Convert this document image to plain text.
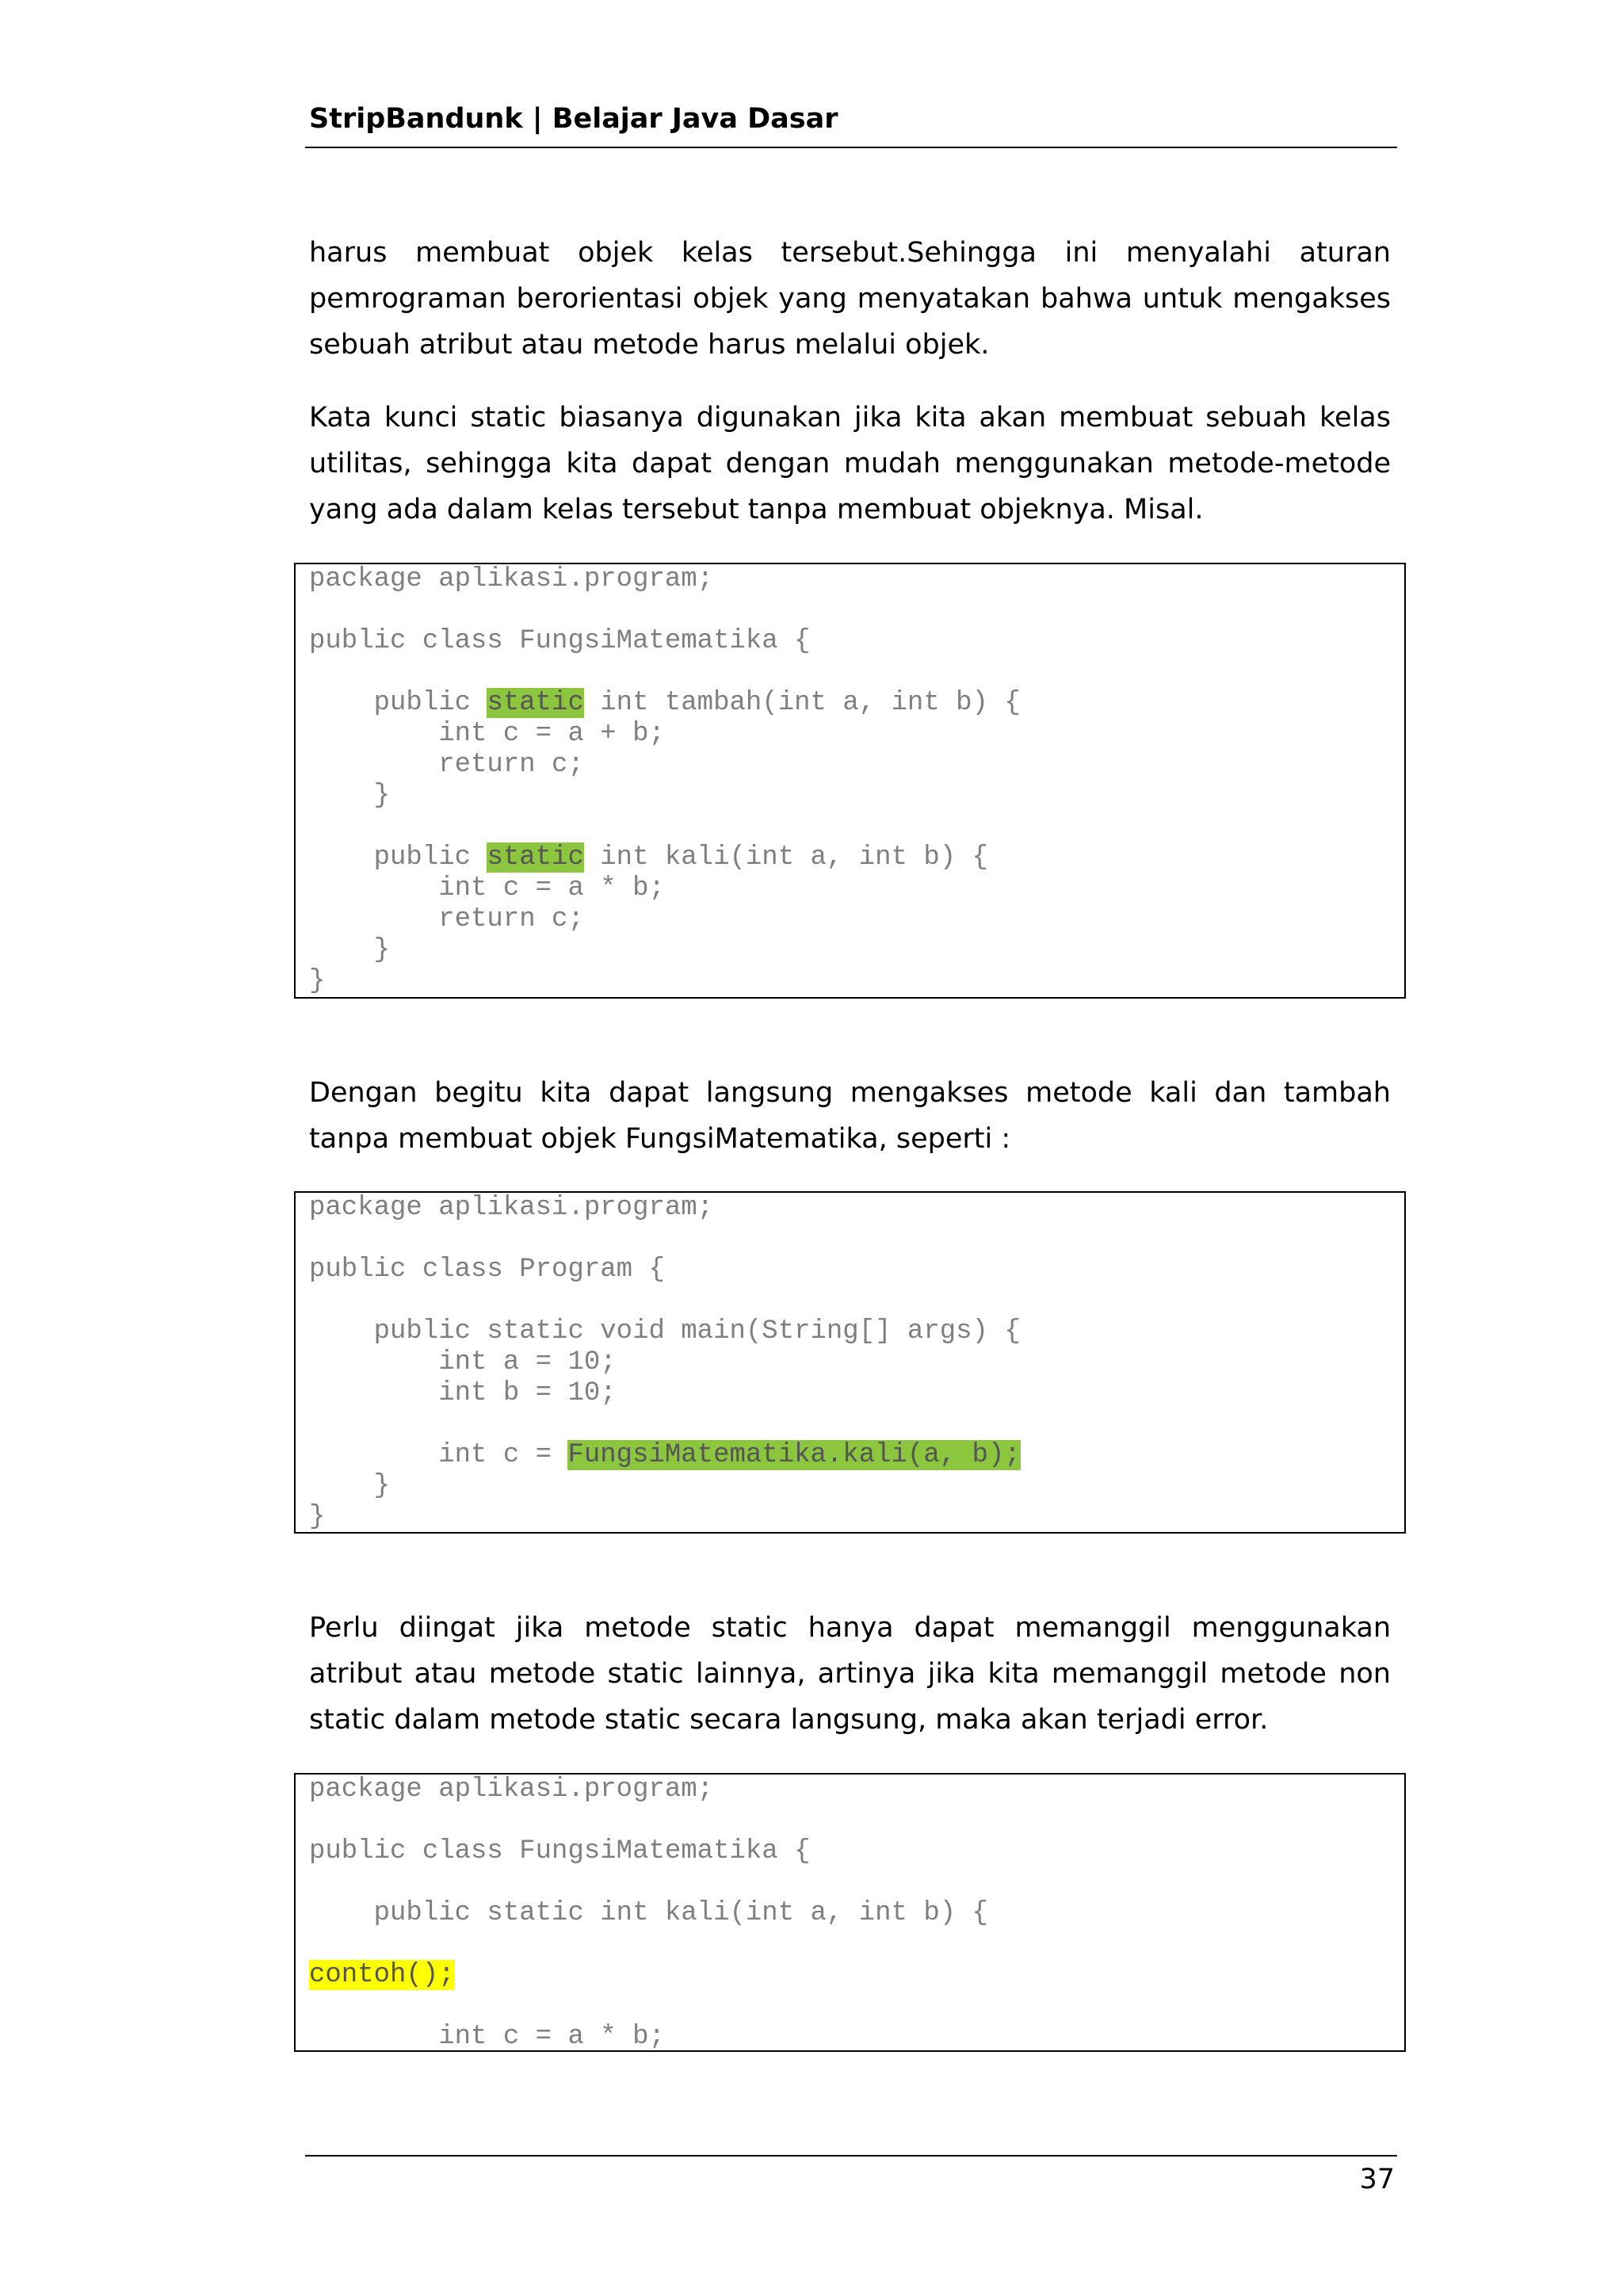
StripBandunk | Belajar Java Dasar

harus membuat objek kelas tersebut.Sehingga ini menyalahi aturan pemrograman berorientasi objek yang menyatakan bahwa untuk mengakses sebuah atribut atau metode harus melalui objek.

Kata kunci static biasanya digunakan jika kita akan membuat sebuah kelas utilitas, sehingga kita dapat dengan mudah menggunakan metode-metode yang ada dalam kelas tersebut tanpa membuat objeknya. Misal.

package aplikasi.program;
public class FungsiMatematika {
public static int tambah(int a, int b) {
int c = a + b;
return c;
}
public static int kali(int a, int b) {
int c = a * b;
return c;
}
}

Dengan begitu kita dapat langsung mengakses metode kali dan tambah tanpa membuat objek FungsiMatematika, seperti :

package aplikasi.program;
public class Program {
public static void main(String[] args) {
int a = 10;
int b = 10;
int c = FungsiMatematika.kali(a, b);
}
}

Perlu diingat jika metode static hanya dapat memanggil menggunakan atribut atau metode static lainnya, artinya jika kita memanggil metode non static dalam metode static secara langsung, maka akan terjadi error.

package aplikasi.program;
public class FungsiMatematika {
public static int kali(int a, int b) {
contoh();
int c = a * b;
37
